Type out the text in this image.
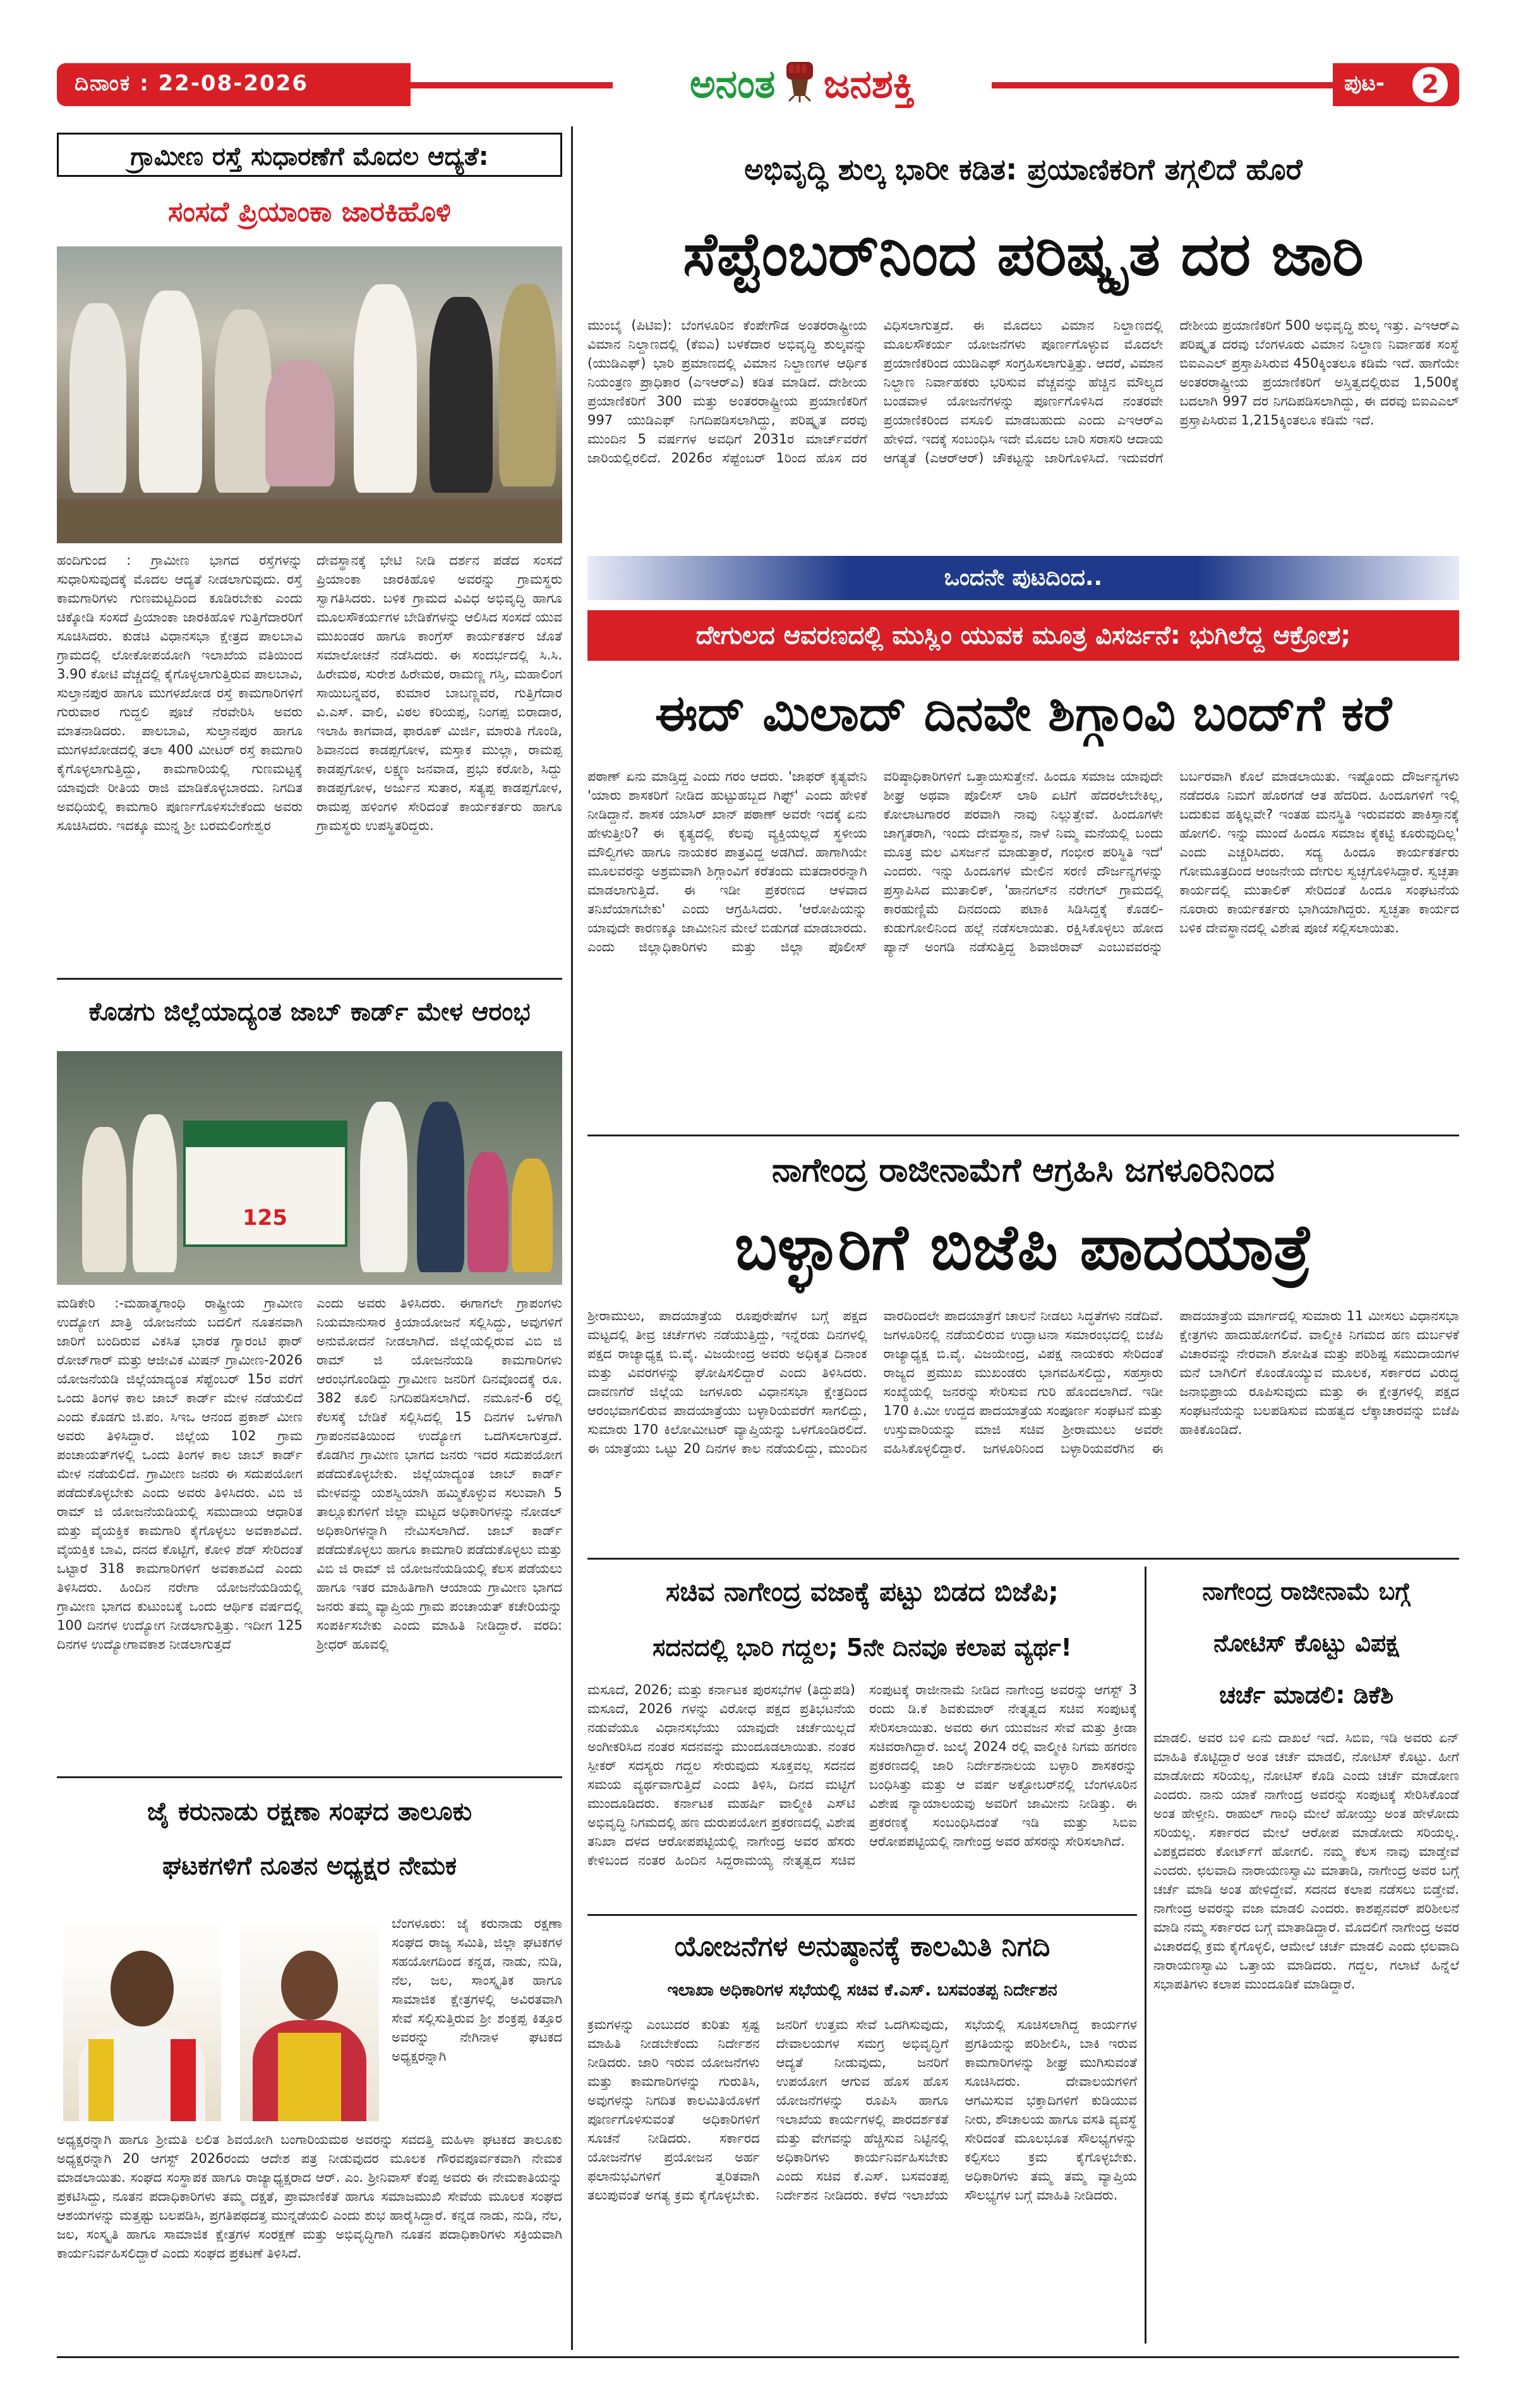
ದಿನಾಂಕ : 22-08-2026	ಅನಂತ ಜನಶಕ್ತಿ	ಪುಟ-	2
ಗ್ರಾಮೀಣ ರಸ್ತೆ ಸುಧಾರಣೆಗೆ ಮೊದಲ ಆದ್ಯತೆ:
ಸಂಸದೆ ಪ್ರಿಯಾಂಕಾ ಜಾರಕಿಹೊಳಿ

ಹಂದಿಗುಂದ : ಗ್ರಾಮೀಣ ಭಾಗದ ರಸ್ತೆಗಳನ್ನು ಸುಧಾರಿಸುವುದಕ್ಕೆ ಮೊದಲ ಆದ್ಯತೆ ನೀಡಲಾಗುವುದು. ರಸ್ತೆ ಕಾಮಗಾರಿಗಳು ಗುಣಮಟ್ಟದಿಂದ ಕೂಡಿರಬೇಕು ಎಂದು ಚಿಕ್ಕೋಡಿ ಸಂಸದೆ ಪ್ರಿಯಾಂಕಾ ಜಾರಕಿಹೊಳಿ ಗುತ್ತಿಗೆದಾರರಿಗೆ ಸೂಚಿಸಿದರು. ಕುಡಚಿ ವಿಧಾನಸಭಾ ಕ್ಷೇತ್ರದ ಪಾಲಬಾವಿ ಗ್ರಾಮದಲ್ಲಿ ಲೋಕೋಪಯೋಗಿ ಇಲಾಖೆಯ ವತಿಯಿಂದ 3.90 ಕೋಟಿ ವೆಚ್ಚದಲ್ಲಿ ಕೈಗೊಳ್ಳಲಾಗುತ್ತಿರುವ ಪಾಲಬಾವಿ, ಸುಲ್ತಾನಪುರ ಹಾಗೂ ಮುಗಳಖೋಡ ರಸ್ತೆ ಕಾಮಗಾರಿಗಳಿಗೆ ಗುರುವಾರ ಗುದ್ದಲಿ ಪೂಜೆ ನೆರವೇರಿಸಿ ಅವರು ಮಾತನಾಡಿದರು. ಪಾಲಬಾವಿ, ಸುಲ್ತಾನಪುರ ಹಾಗೂ ಮುಗಳಖೋಡದಲ್ಲಿ ತಲಾ 400 ಮೀಟರ್ ರಸ್ತೆ ಕಾಮಗಾರಿ ಕೈಗೊಳ್ಳಲಾಗುತ್ತಿದ್ದು, ಕಾಮಗಾರಿಯಲ್ಲಿ ಗುಣಮಟ್ಟಕ್ಕೆ ಯಾವುದೇ ರೀತಿಯ ರಾಜಿ ಮಾಡಿಕೊಳ್ಳಬಾರದು. ನಿಗದಿತ ಅವಧಿಯಲ್ಲಿ ಕಾಮಗಾರಿ ಪೂರ್ಣಗೊಳಿಸಬೇಕೆಂದು ಅವರು ಸೂಚಿಸಿದರು. ಇದಕ್ಕೂ ಮುನ್ನ ಶ್ರೀ ಬರಮಲಿಂಗೇಶ್ವರ

ದೇವಸ್ಥಾನಕ್ಕೆ ಭೇಟಿ ನೀಡಿ ದರ್ಶನ ಪಡೆದ ಸಂಸದೆ ಪ್ರಿಯಾಂಕಾ ಜಾರಕಿಹೊಳಿ ಅವರನ್ನು ಗ್ರಾಮಸ್ಥರು ಸ್ವಾಗತಿಸಿದರು. ಬಳಿಕ ಗ್ರಾಮದ ವಿವಿಧ ಅಭಿವೃದ್ಧಿ ಹಾಗೂ ಮೂಲಸೌಕರ್ಯಗಳ ಬೇಡಿಕೆಗಳನ್ನು ಆಲಿಸಿದ ಸಂಸದೆ ಯುವ ಮುಖಂಡರ ಹಾಗೂ ಕಾಂಗ್ರೆಸ್ ಕಾರ್ಯಕರ್ತರ ಜೊತೆ ಸಮಾಲೋಚನೆ ನಡೆಸಿದರು. ಈ ಸಂದರ್ಭದಲ್ಲಿ ಸಿ.ಸಿ. ಹಿರೇಮಠ, ಸುರೇಶ ಹಿರೇಮಠ, ರಾಮಣ್ಣ ಗಸ್ತಿ, ಮಹಾಲಿಂಗ ಸಾಯಿಬನ್ನವರ, ಕುಮಾರ ಬಾಬಣ್ಣವರ, ಗುತ್ತಿಗೆದಾರ ವಿ.ಎಸ್. ವಾಲಿ, ವಿಠಲ ಕರಿಯಪ್ಪ, ನಿಂಗಪ್ಪ ಬಿರಾದಾರ, ಇಲಾಹಿ ಕಾಗವಾಡ, ಫಾರೂಕ್ ಮಿರ್ಜಿ, ಮಾರುತಿ ಗೊಂಡಿ, ಶಿವಾನಂದ ಕಾಡಪ್ಪಗೋಳ, ಮಸ್ತಾಕ ಮುಲ್ಲಾ, ರಾಮಪ್ಪ ಕಾಡಪ್ಪಗೋಳ, ಲಕ್ಷ್ಮಣ ಜನವಾಡ, ಪ್ರಭು ಕರೋಶಿ, ಸಿದ್ದು ಕಾಡಪ್ಪಗೋಳ, ಅರ್ಜುನ ಸುತಾರ, ಸತ್ಯಪ್ಪ ಕಾಡಪ್ಪಗೋಳ, ರಾಮಪ್ಪ ಹಳಿಂಗಳಿ ಸೇರಿದಂತೆ ಕಾರ್ಯಕರ್ತರು ಹಾಗೂ ಗ್ರಾಮಸ್ಥರು ಉಪಸ್ಥಿತರಿದ್ದರು.

ಕೊಡಗು ಜಿಲ್ಲೆಯಾದ್ಯಂತ ಜಾಬ್ ಕಾರ್ಡ್ ಮೇಳ ಆರಂಭ
125

ಮಡಿಕೇರಿ :-ಮಹಾತ್ಮಗಾಂಧಿ ರಾಷ್ಟ್ರೀಯ ಗ್ರಾಮೀಣ ಉದ್ಯೋಗ ಖಾತ್ರಿ ಯೋಜನೆಯ ಬದಲಿಗೆ ನೂತನವಾಗಿ ಜಾರಿಗೆ ಬಂದಿರುವ ವಿಕಸಿತ ಭಾರತ ಗ್ಯಾರಂಟಿ ಫಾರ್ ರೋಜ್‌ಗಾರ್ ಮತ್ತು ಆಜೀವಿಕ ಮಿಷನ್ ಗ್ರಾಮೀಣ-2026 ಯೋಜನೆಯಡಿ ಜಿಲ್ಲೆಯಾದ್ಯಂತ ಸೆಪ್ಟೆಂಬರ್ 15ರ ವರೆಗೆ ಒಂದು ತಿಂಗಳ ಕಾಲ ಜಾಬ್ ಕಾರ್ಡ್ ಮೇಳ ನಡೆಯಲಿದೆ ಎಂದು ಕೊಡಗು ಜಿ.ಪಂ. ಸಿಇಒ ಆನಂದ ಪ್ರಕಾಶ್ ಮೀಣ ಅವರು ತಿಳಿಸಿದ್ದಾರೆ. ಜಿಲ್ಲೆಯ 102 ಗ್ರಾಮ ಪಂಚಾಯತ್‌ಗಳಲ್ಲಿ ಒಂದು ತಿಂಗಳ ಕಾಲ ಜಾಬ್ ಕಾರ್ಡ್ ಮೇಳ ನಡೆಯಲಿದೆ. ಗ್ರಾಮೀಣ ಜನರು ಈ ಸದುಪಯೋಗ ಪಡೆದುಕೊಳ್ಳಬೇಕು ಎಂದು ಅವರು ತಿಳಿಸಿದರು. ವಿಬಿ ಜಿ ರಾಮ್ ಜಿ ಯೋಜನೆಯಡಿಯಲ್ಲಿ ಸಮುದಾಯ ಆಧಾರಿತ ಮತ್ತು ವೈಯಕ್ತಿಕ ಕಾಮಗಾರಿ ಕೈಗೊಳ್ಳಲು ಅವಕಾಶವಿದೆ. ವೈಯಕ್ತಿಕ ಬಾವಿ, ದನದ ಕೊಟ್ಟಿಗೆ, ಕೋಳಿ ಶೆಡ್ ಸೇರಿದಂತೆ ಒಟ್ಟಾರೆ 318 ಕಾಮಗಾರಿಗಳಿಗೆ ಅವಕಾಶವಿದೆ ಎಂದು ತಿಳಿಸಿದರು. ಹಿಂದಿನ ನರೇಗಾ ಯೋಜನೆಯಡಿಯಲ್ಲಿ ಗ್ರಾಮೀಣ ಭಾಗದ ಕುಟುಂಬಕ್ಕೆ ಒಂದು ಆರ್ಥಿಕ ವರ್ಷದಲ್ಲಿ 100 ದಿನಗಳ ಉದ್ಯೋಗ ನೀಡಲಾಗುತ್ತಿತ್ತು. ಇದೀಗ 125 ದಿನಗಳ ಉದ್ಯೋಗಾವಕಾಶ ನೀಡಲಾಗುತ್ತದೆ

ಎಂದು ಅವರು ತಿಳಿಸಿದರು. ಈಗಾಗಲೇ ಗ್ರಾಪಂಗಳು ನಿಯಮಾನುಸಾರ ಕ್ರಿಯಾಯೋಜನೆ ಸಲ್ಲಿಸಿದ್ದು, ಅವುಗಳಿಗೆ ಅನುಮೋದನೆ ನೀಡಲಾಗಿದೆ. ಜಿಲ್ಲೆಯಲ್ಲಿರುವ ವಿಬಿ ಜಿ ರಾಮ್ ಜಿ ಯೋಜನೆಯಡಿ ಕಾಮಗಾರಿಗಳು ಆರಂಭಗೊಂಡಿದ್ದು ಗ್ರಾಮೀಣ ಜನರಿಗೆ ದಿನವೊಂದಕ್ಕೆ ರೂ. 382 ಕೂಲಿ ನಿಗದಿಪಡಿಸಲಾಗಿದೆ. ನಮೂನೆ-6 ರಲ್ಲಿ ಕೆಲಸಕ್ಕೆ ಬೇಡಿಕೆ ಸಲ್ಲಿಸಿದಲ್ಲಿ 15 ದಿನಗಳ ಒಳಗಾಗಿ ಗ್ರಾಪಂನವತಿಯಿಂದ ಉದ್ಯೋಗ ಒದಗಿಸಲಾಗುತ್ತದೆ. ಕೊಡಗಿನ ಗ್ರಾಮೀಣ ಭಾಗದ ಜನರು ಇದರ ಸದುಪಯೋಗ ಪಡೆದುಕೊಳ್ಳಬೇಕು. ಜಿಲ್ಲೆಯಾದ್ಯಂತ ಜಾಬ್ ಕಾರ್ಡ್ ಮೇಳವನ್ನು ಯಶಸ್ವಿಯಾಗಿ ಹಮ್ಮಿಕೊಳ್ಳುವ ಸಲುವಾಗಿ 5 ತಾಲ್ಲೂಕುಗಳಿಗೆ ಜಿಲ್ಲಾ ಮಟ್ಟದ ಅಧಿಕಾರಿಗಳನ್ನು ನೋಡಲ್ ಅಧಿಕಾರಿಗಳನ್ನಾಗಿ ನೇಮಿಸಲಾಗಿದೆ. ಜಾಬ್ ಕಾರ್ಡ್ ಪಡೆದುಕೊಳ್ಳಲು ಹಾಗೂ ಕಾಮಗಾರಿ ಪಡೆದುಕೊಳ್ಳಲು ಮತ್ತು ವಿಬಿ ಜಿ ರಾಮ್ ಜಿ ಯೋಜನೆಯಡಿಯಲ್ಲಿ ಕೆಲಸ ಪಡೆಯಲು ಹಾಗೂ ಇತರ ಮಾಹಿತಿಗಾಗಿ ಆಯಾಯ ಗ್ರಾಮೀಣ ಭಾಗದ ಜನರು ತಮ್ಮ ವ್ಯಾಪ್ತಿಯ ಗ್ರಾಮ ಪಂಚಾಯತ್ ಕಚೇರಿಯನ್ನು ಸಂಪರ್ಕಿಸಬೇಕು ಎಂದು ಮಾಹಿತಿ ನೀಡಿದ್ದಾರೆ. ವರದಿ: ಶ್ರೀಧರ್ ಹೂವಲ್ಲಿ

ಜೈ ಕರುನಾಡು ರಕ್ಷಣಾ ಸಂಘದ ತಾಲೂಕು
ಘಟಕಗಳಿಗೆ ನೂತನ ಅಧ್ಯಕ್ಷರ ನೇಮಕ
ಬೆಂಗಳೂರು: ಜೈ ಕರುನಾಡು ರಕ್ಷಣಾ ಸಂಘದ ರಾಜ್ಯ ಸಮಿತಿ, ಜಿಲ್ಲಾ ಘಟಕಗಳ ಸಹಯೋಗದಿಂದ ಕನ್ನಡ, ನಾಡು, ನುಡಿ, ನೆಲ, ಜಲ, ಸಾಂಸ್ಕೃತಿಕ ಹಾಗೂ ಸಾಮಾಜಿಕ ಕ್ಷೇತ್ರಗಳಲ್ಲಿ ಅವಿರತವಾಗಿ ಸೇವೆ ಸಲ್ಲಿಸುತ್ತಿರುವ ಶ್ರೀ ಶಂಕ್ರಪ್ಪ ಕಿತ್ತೂರ ಅವರನ್ನು ನೇಗಿನಾಳ ಘಟಕದ ಅಧ್ಯಕ್ಷರನ್ನಾಗಿ
ಅಧ್ಯಕ್ಷರನ್ನಾಗಿ ಹಾಗೂ ಶ್ರೀಮತಿ ಲಲಿತ ಶಿವಯೋಗಿ ಬಂಗಾರಿಯಮಠ ಅವರನ್ನು ಸವದತ್ತಿ ಮಹಿಳಾ ಘಟಕದ ತಾಲೂಕು ಅಧ್ಯಕ್ಷರನ್ನಾಗಿ 20 ಆಗಸ್ಟ್ 2026ರಂದು ಆದೇಶ ಪತ್ರ ನೀಡುವುದರ ಮೂಲಕ ಗೌರವಪೂರ್ವಕವಾಗಿ ನೇಮಕ ಮಾಡಲಾಯಿತು. ಸಂಘದ ಸಂಸ್ಥಾಪಕ ಹಾಗೂ ರಾಜ್ಯಾಧ್ಯಕ್ಷರಾದ ಆರ್. ಎಂ. ಶ್ರೀನಿವಾಸ್ ಕೆಂಪ್ಪ ಅವರು ಈ ನೇಮಕಾತಿಯನ್ನು ಪ್ರಕಟಿಸಿದ್ದು, ನೂತನ ಪದಾಧಿಕಾರಿಗಳು ತಮ್ಮ ದಕ್ಷತೆ, ಪ್ರಾಮಾಣಿಕತೆ ಹಾಗೂ ಸಮಾಜಮುಖಿ ಸೇವೆಯ ಮೂಲಕ ಸಂಘದ ಆಶಯಗಳನ್ನು ಮತ್ತಷ್ಟು ಬಲಪಡಿಸಿ, ಪ್ರಗತಿಪಥದತ್ತ ಮುನ್ನಡೆಯಲಿ ಎಂದು ಶುಭ ಹಾರೈಸಿದ್ದಾರೆ. ಕನ್ನಡ ನಾಡು, ನುಡಿ, ನೆಲ, ಜಲ, ಸಂಸ್ಕೃತಿ ಹಾಗೂ ಸಾಮಾಜಿಕ ಕ್ಷೇತ್ರಗಳ ಸಂರಕ್ಷಣೆ ಮತ್ತು ಅಭಿವೃದ್ಧಿಗಾಗಿ ನೂತನ ಪದಾಧಿಕಾರಿಗಳು ಸಕ್ರಿಯವಾಗಿ ಕಾರ್ಯನಿರ್ವಹಿಸಲಿದ್ದಾರೆ ಎಂದು ಸಂಘದ ಪ್ರಕಟಣೆ ತಿಳಿಸಿದೆ.
ಅಭಿವೃದ್ಧಿ ಶುಲ್ಕ ಭಾರೀ ಕಡಿತ: ಪ್ರಯಾಣಿಕರಿಗೆ ತಗ್ಗಲಿದೆ ಹೊರೆ
ಸೆಪ್ಟೆಂಬರ್‌ನಿಂದ ಪರಿಷ್ಕೃತ ದರ ಜಾರಿ

ಮುಂಬೈ (ಪಿಟಿಐ): ಬೆಂಗಳೂರಿನ ಕೆಂಪೇಗೌಡ ಅಂತರರಾಷ್ಟ್ರೀಯ ವಿಮಾನ ನಿಲ್ದಾಣದಲ್ಲಿ (ಕೆಐಎ) ಬಳಕೆದಾರ ಅಭಿವೃದ್ಧಿ ಶುಲ್ಕವನ್ನು (ಯುಡಿಎಫ್) ಭಾರಿ ಪ್ರಮಾಣದಲ್ಲಿ ವಿಮಾನ ನಿಲ್ದಾಣಗಳ ಆರ್ಥಿಕ ನಿಯಂತ್ರಣ ಪ್ರಾಧಿಕಾರ (ಎಇಆರ್‌ಎ) ಕಡಿತ ಮಾಡಿದೆ. ದೇಶೀಯ ಪ್ರಯಾಣಿಕರಿಗೆ 300 ಮತ್ತು ಅಂತರರಾಷ್ಟ್ರೀಯ ಪ್ರಯಾಣಿಕರಿಗೆ 997 ಯುಡಿಎಫ್ ನಿಗದಿಪಡಿಸಲಾಗಿದ್ದು, ಪರಿಷ್ಕೃತ ದರವು ಮುಂದಿನ 5 ವರ್ಷಗಳ ಅವಧಿಗೆ 2031ರ ಮಾರ್ಚ್‌ವರೆಗೆ ಜಾರಿಯಲ್ಲಿರಲಿದೆ. 2026ರ ಸೆಪ್ಟೆಂಬರ್ 1ರಿಂದ ಹೊಸ ದರ ವಿಧಿಸಲಾಗುತ್ತದೆ. ಈ ಮೊದಲು ವಿಮಾನ ನಿಲ್ದಾಣದಲ್ಲಿ ಮೂಲಸೌಕರ್ಯ ಯೋಜನೆಗಳು ಪೂರ್ಣಗೊಳ್ಳುವ ಮೊದಲೇ ಪ್ರಯಾಣಿಕರಿಂದ ಯುಡಿಎಫ್ ಸಂಗ್ರಹಿಸಲಾಗುತ್ತಿತ್ತು. ಆದರೆ, ವಿಮಾನ ನಿಲ್ದಾಣ ನಿರ್ವಾಹಕರು ಭರಿಸುವ ವೆಚ್ಚವನ್ನು ಹೆಚ್ಚಿನ ಮೌಲ್ಯದ ಬಂಡವಾಳ ಯೋಜನೆಗಳನ್ನು ಪೂರ್ಣಗೊಳಿಸಿದ ನಂತರವೇ ಪ್ರಯಾಣಿಕರಿಂದ ವಸೂಲಿ ಮಾಡಬಹುದು ಎಂದು ಎಇಆರ್‌ಎ ಹೇಳಿದೆ. ಇದಕ್ಕೆ ಸಂಬಂಧಿಸಿ ಇದೇ ಮೊದಲ ಬಾರಿ ಸರಾಸರಿ ಆದಾಯ ಆಗತ್ಯತೆ (ಎಆರ್‌ಆರ್) ಚೌಕಟ್ಟನ್ನು ಜಾರಿಗೊಳಿಸಿದೆ. ಇದುವರೆಗೆ ದೇಶೀಯ ಪ್ರಯಾಣಿಕರಿಗೆ 500 ಅಭಿವೃದ್ಧಿ ಶುಲ್ಕ ಇತ್ತು. ಎಇಆರ್‌ಎ ಪರಿಷ್ಕೃತ ದರವು ಬೆಂಗಳೂರು ವಿಮಾನ ನಿಲ್ದಾಣ ನಿರ್ವಾಹಕ ಸಂಸ್ಥೆ ಬಿಐಎಎಲ್ ಪ್ರಸ್ತಾಪಿಸಿರುವ 450ಕ್ಕಿಂತಲೂ ಕಡಿಮೆ ಇದೆ. ಹಾಗೆಯೇ ಅಂತರರಾಷ್ಟ್ರೀಯ ಪ್ರಯಾಣಿಕರಿಗೆ ಅಸ್ತಿತ್ವದಲ್ಲಿರುವ 1,500ಕ್ಕೆ ಬದಲಾಗಿ 997 ದರ ನಿಗದಿಪಡಿಸಲಾಗಿದ್ದು, ಈ ದರವು ಬಿಐಎಎಲ್ ಪ್ರಸ್ತಾಪಿಸಿರುವ 1,215ಕ್ಕಿಂತಲೂ ಕಡಿಮೆ ಇದೆ.

ಒಂದನೇ ಪುಟದಿಂದ..
ದೇಗುಲದ ಆವರಣದಲ್ಲಿ ಮುಸ್ಲಿಂ ಯುವಕ ಮೂತ್ರ ವಿಸರ್ಜನೆ: ಭುಗಿಲೆದ್ದ ಆಕ್ರೋಶ;
ಈದ್ ಮಿಲಾದ್ ದಿನವೇ ಶಿಗ್ಗಾಂವಿ ಬಂದ್‌ಗೆ ಕರೆ

ಪಠಾಣ್ ಏನು ಮಾಡ್ತಿದ್ದ ಎಂದು ಗರಂ ಆದರು. 'ಜಾಫರ್ ಕೃತ್ಯವೇನಿ 'ಯಾರು ಶಾಸಕರಿಗೆ ನೀಡಿದ ಹುಟ್ಟುಹಬ್ಬದ ಗಿಫ್ಟ್' ಎಂದು ಹೇಳಿಕೆ ನೀಡಿದ್ದಾನೆ. ಶಾಸಕ ಯಾಸಿರ್ ಖಾನ್ ಪಠಾಣ್ ಅವರೇ ಇದಕ್ಕೆ ಏನು ಹೇಳುತ್ತೀರಿ? ಈ ಕೃತ್ಯದಲ್ಲಿ ಕೆಲವು ವ್ಯಕ್ತಿಯಲ್ಲದೆ ಸ್ಥಳೀಯ ಮೌಲ್ವಿಗಳು ಹಾಗೂ ನಾಯಕರ ಪಾತ್ರವಿದ್ದ ಅಡಗಿದೆ. ಹಾಗಾಗಿಯೇ ಮೂಲವರನ್ನು ಅಶ್ರಮವಾಗಿ ಶಿಗ್ಗಾಂವಿಗೆ ಕರೆತಂದು ಮತದಾರರನ್ನಾಗಿ ಮಾಡಲಾಗುತ್ತಿದೆ. ಈ ಇಡೀ ಪ್ರಕರಣದ ಆಳವಾದ ತನಿಖೆಯಾಗಬೇಕು' ಎಂದು ಆಗ್ರಹಿಸಿದರು. 'ಆರೋಪಿಯನ್ನು ಯಾವುದೇ ಕಾರಣಕ್ಕೂ ಜಾಮೀನಿನ ಮೇಲೆ ಬಿಡುಗಡೆ ಮಾಡಬಾರದು. ಎಂದು ಜಿಲ್ಲಾಧಿಕಾರಿಗಳು ಮತ್ತು ಜಿಲ್ಲಾ ಪೊಲೀಸ್ ವರಿಷ್ಠಾಧಿಕಾರಿಗಳಿಗೆ ಒತ್ತಾಯಿಸುತ್ತೇನೆ. ಹಿಂದೂ ಸಮಾಜ ಯಾವುದೇ ಶೀಘ್ರ ಅಥವಾ ಪೊಲೀಸ್ ಲಾಠಿ ಏಟಿಗೆ ಹೆದರಲೇಬೇಕಿಲ್ಲ, ಕೋಲಾಟಗಾರರ ಪರವಾಗಿ ನಾವು ನಿಲ್ಲುತ್ತೇವೆ. ಹಿಂದೂಗಳೇ ಜಾಗೃತರಾಗಿ, ಇಂದು ದೇವಸ್ಥಾನ, ನಾಳೆ ನಿಮ್ಮ ಮನೆಯಲ್ಲಿ ಬಂದು ಮೂತ್ರ ಮಲ ವಿಸರ್ಜನೆ ಮಾಡುತ್ತಾರೆ, ಗಂಭೀರ ಪರಿಸ್ಥಿತಿ ಇದೆ' ಎಂದರು. ಇನ್ನು ಹಿಂದೂಗಳ ಮೇಲಿನ ಸರಣಿ ದೌರ್ಜನ್ಯಗಳನ್ನು ಪ್ರಸ್ತಾಪಿಸಿದ ಮುತಾಲಿಕ್, 'ಹಾನಗಲ್‌ನ ನರೇಗಲ್ ಗ್ರಾಮದಲ್ಲಿ ಕಾರಹುಣ್ಣಿಮೆ ದಿನದಂದು ಪಟಾಕಿ ಸಿಡಿಸಿದ್ದಕ್ಕೆ ಕೊಡಲಿ-ಕುಡುಗೋಲಿನಿಂದ ಹಲ್ಲೆ ನಡೆಸಲಾಯಿತು. ರಕ್ಷಿಸಿಕೊಳ್ಳಲು ಹೋದ ಪ್ಯಾನ್ ಅಂಗಡಿ ನಡೆಸುತ್ತಿದ್ದ ಶಿವಾಜಿರಾವ್ ಎಂಬುವವರನ್ನು ಬರ್ಬರವಾಗಿ ಕೊಲೆ ಮಾಡಲಾಯಿತು. ಇಷ್ಟೊಂದು ದೌರ್ಜನ್ಯಗಳು ನಡೆದರೂ ನಿಮಗೆ ಹೊರಗಡೆ ಆತ ಹೆದರಿದ. ಹಿಂದೂಗಳಿಗೆ ಇಲ್ಲಿ ಬದುಕುವ ಹಕ್ಕಿಲ್ಲವೇ? ಇಂತಹ ಮನಸ್ಥಿತಿ ಇರುವವರು ಪಾಕಿಸ್ತಾನಕ್ಕೆ ಹೋಗಲಿ. ಇನ್ನು ಮುಂದೆ ಹಿಂದೂ ಸಮಾಜ ಕೈಕಟ್ಟಿ ಕೂರುವುದಿಲ್ಲ' ಎಂದು ಎಚ್ಚರಿಸಿದರು. ಸದ್ಯ ಹಿಂದೂ ಕಾರ್ಯಕರ್ತರು ಗೋಮೂತ್ರದಿಂದ ಆಂಜನೇಯ ದೇಗುಲ ಸ್ವಚ್ಛಗೊಳಿಸಿದ್ದಾರೆ. ಸ್ವಚ್ಛತಾ ಕಾರ್ಯದಲ್ಲಿ ಮುತಾಲಿಕ್ ಸೇರಿದಂತೆ ಹಿಂದೂ ಸಂಘಟನೆಯ ನೂರಾರು ಕಾರ್ಯಕರ್ತರು ಭಾಗಿಯಾಗಿದ್ದರು. ಸ್ವಚ್ಛತಾ ಕಾರ್ಯದ ಬಳಿಕ ದೇವಸ್ಥಾನದಲ್ಲಿ ವಿಶೇಷ ಪೂಜೆ ಸಲ್ಲಿಸಲಾಯಿತು.

ನಾಗೇಂದ್ರ ರಾಜೀನಾಮೆಗೆ ಆಗ್ರಹಿಸಿ ಜಗಳೂರಿನಿಂದ
ಬಳ್ಳಾರಿಗೆ ಬಿಜೆಪಿ ಪಾದಯಾತ್ರೆ

ಶ್ರೀರಾಮುಲು, ಪಾದಯಾತ್ರೆಯ ರೂಪುರೇಷೆಗಳ ಬಗ್ಗೆ ಪಕ್ಷದ ಮಟ್ಟದಲ್ಲಿ ತೀವ್ರ ಚರ್ಚೆಗಳು ನಡೆಯುತ್ತಿದ್ದು, ಇನ್ನೆರಡು ದಿನಗಳಲ್ಲಿ ಪಕ್ಷದ ರಾಜ್ಯಾಧ್ಯಕ್ಷ ಬಿ.ವೈ. ವಿಜಯೇಂದ್ರ ಅವರು ಅಧಿಕೃತ ದಿನಾಂಕ ಮತ್ತು ವಿವರಗಳನ್ನು ಘೋಷಿಸಲಿದ್ದಾರೆ ಎಂದು ತಿಳಿಸಿದರು. ದಾವಣಗೆರೆ ಜಿಲ್ಲೆಯ ಜಗಳೂರು ವಿಧಾನಸಭಾ ಕ್ಷೇತ್ರದಿಂದ ಆರಂಭವಾಗಲಿರುವ ಪಾದಯಾತ್ರೆಯು ಬಳ್ಳಾರಿಯವರೆಗೆ ಸಾಗಲಿದ್ದು, ಸುಮಾರು 170 ಕಿಲೋಮೀಟರ್ ವ್ಯಾಪ್ತಿಯನ್ನು ಒಳಗೊಂಡಿರಲಿದೆ. ಈ ಯಾತ್ರೆಯು ಒಟ್ಟು 20 ದಿನಗಳ ಕಾಲ ನಡೆಯಲಿದ್ದು, ಮುಂದಿನ ವಾರದಿಂದಲೇ ಪಾದಯಾತ್ರೆಗೆ ಚಾಲನೆ ನೀಡಲು ಸಿದ್ಧತೆಗಳು ನಡೆದಿವೆ. ಜಗಳೂರಿನಲ್ಲಿ ನಡೆಯಲಿರುವ ಉದ್ಘಾಟನಾ ಸಮಾರಂಭದಲ್ಲಿ ಬಿಜೆಪಿ ರಾಜ್ಯಾಧ್ಯಕ್ಷ ಬಿ.ವೈ. ವಿಜಯೇಂದ್ರ, ವಿಪಕ್ಷ ನಾಯಕರು ಸೇರಿದಂತೆ ರಾಜ್ಯದ ಪ್ರಮುಖ ಮುಖಂಡರು ಭಾಗವಹಿಸಲಿದ್ದು, ಸಹಸ್ರಾರು ಸಂಖ್ಯೆಯಲ್ಲಿ ಜನರನ್ನು ಸೇರಿಸುವ ಗುರಿ ಹೊಂದಲಾಗಿದೆ. ಇಡೀ 170 ಕಿ.ಮೀ ಉದ್ದದ ಪಾದಯಾತ್ರೆಯ ಸಂಪೂರ್ಣ ಸಂಘಟನೆ ಮತ್ತು ಉಸ್ತುವಾರಿಯನ್ನು ಮಾಜಿ ಸಚಿವ ಶ್ರೀರಾಮುಲು ಅವರೇ ವಹಿಸಿಕೊಳ್ಳಲಿದ್ದಾರೆ. ಜಗಳೂರಿನಿಂದ ಬಳ್ಳಾರಿಯವರೆಗಿನ ಈ ಪಾದಯಾತ್ರೆಯ ಮಾರ್ಗದಲ್ಲಿ ಸುಮಾರು 11 ಮೀಸಲು ವಿಧಾನಸಭಾ ಕ್ಷೇತ್ರಗಳು ಹಾದುಹೋಗಲಿವೆ. ವಾಲ್ಮೀಕಿ ನಿಗಮದ ಹಣ ದುರ್ಬಳಕೆ ವಿಚಾರವನ್ನು ನೇರವಾಗಿ ಶೋಷಿತ ಮತ್ತು ಪರಿಶಿಷ್ಟ ಸಮುದಾಯಗಳ ಮನೆ ಬಾಗಿಲಿಗೆ ಕೊಂಡೊಯ್ಯುವ ಮೂಲಕ, ಸರ್ಕಾರದ ವಿರುದ್ಧ ಜನಾಭಿಪ್ರಾಯ ರೂಪಿಸುವುದು ಮತ್ತು ಈ ಕ್ಷೇತ್ರಗಳಲ್ಲಿ ಪಕ್ಷದ ಸಂಘಟನೆಯನ್ನು ಬಲಪಡಿಸುವ ಮಹತ್ವದ ಲೆಕ್ಕಾಚಾರವನ್ನು ಬಿಜೆಪಿ ಹಾಕಿಕೊಂಡಿದೆ.

ಸಚಿವ ನಾಗೇಂದ್ರ ವಜಾಕ್ಕೆ ಪಟ್ಟು ಬಿಡದ ಬಿಜೆಪಿ;
ಸದನದಲ್ಲಿ ಭಾರಿ ಗದ್ದಲ; 5ನೇ ದಿನವೂ ಕಲಾಪ ವ್ಯರ್ಥ!

ಮಸೂದೆ, 2026; ಮತ್ತು ಕರ್ನಾಟಕ ಪುರಸಭೆಗಳ (ತಿದ್ದುಪಡಿ) ಮಸೂದೆ, 2026 ಗಳನ್ನು ವಿರೋಧ ಪಕ್ಷದ ಪ್ರತಿಭಟನೆಯ ನಡುವೆಯೂ ವಿಧಾನಸಭೆಯು ಯಾವುದೇ ಚರ್ಚೆಯಿಲ್ಲದೆ ಅಂಗೀಕರಿಸಿದ ನಂತರ ಸದನವನ್ನು ಮುಂದೂಡಲಾಯಿತು. ನಂತರ ಸ್ಪೀಕರ್ ಸದಸ್ಯರು ಗದ್ದಲ ಸೇರುವುದು ಸೂಕ್ತವಲ್ಲ ಸದನದ ಸಮಯ ವ್ಯರ್ಥವಾಗುತ್ತಿದೆ ಎಂದು ತಿಳಿಸಿ, ದಿನದ ಮಟ್ಟಿಗೆ ಮುಂದೂಡಿದರು. ಕರ್ನಾಟಕ ಮಹರ್ಷಿ ವಾಲ್ಮೀಕಿ ಎಸ್‌ಟಿ ಅಭಿವೃದ್ಧಿ ನಿಗಮದಲ್ಲಿ ಹಣ ದುರುಪಯೋಗ ಪ್ರಕರಣದಲ್ಲಿ ವಿಶೇಷ ತನಿಖಾ ದಳದ ಆರೋಪಪಟ್ಟಿಯಲ್ಲಿ ನಾಗೇಂದ್ರ ಅವರ ಹೆಸರು ಕೇಳಿಬಂದ ನಂತರ ಹಿಂದಿನ ಸಿದ್ದರಾಮಯ್ಯ ನೇತೃತ್ವದ ಸಚಿವ ಸಂಪುಟಕ್ಕೆ ರಾಜೀನಾಮೆ ನೀಡಿದ ನಾಗೇಂದ್ರ ಅವರನ್ನು ಆಗಸ್ಟ್ 3 ರಂದು ಡಿ.ಕೆ ಶಿವಕುಮಾರ್ ನೇತೃತ್ವದ ಸಚಿವ ಸಂಪುಟಕ್ಕೆ ಸೇರಿಸಲಾಯಿತು. ಅವರು ಈಗ ಯುವಜನ ಸೇವೆ ಮತ್ತು ಕ್ರೀಡಾ ಸಚಿವರಾಗಿದ್ದಾರೆ. ಜುಲೈ 2024 ರಲ್ಲಿ ವಾಲ್ಮೀಕಿ ನಿಗಮ ಹಗರಣ ಪ್ರಕರಣದಲ್ಲಿ ಜಾರಿ ನಿರ್ದೇಶನಾಲಯ ಬಳ್ಳಾರಿ ಶಾಸಕರನ್ನು ಬಂಧಿಸಿತ್ತು ಮತ್ತು ಆ ವರ್ಷ ಅಕ್ಟೋಬರ್‌ನಲ್ಲಿ ಬೆಂಗಳೂರಿನ ವಿಶೇಷ ನ್ಯಾಯಾಲಯವು ಅವರಿಗೆ ಜಾಮೀನು ನೀಡಿತ್ತು. ಈ ಪ್ರಕರಣಕ್ಕೆ ಸಂಬಂಧಿಸಿದಂತೆ ಇಡಿ ಮತ್ತು ಸಿಬಿಐ ಆರೋಪಪಟ್ಟಿಯಲ್ಲಿ ನಾಗೇಂದ್ರ ಅವರ ಹೆಸರನ್ನು ಸೇರಿಸಲಾಗಿದೆ.

ನಾಗೇಂದ್ರ ರಾಜೀನಾಮೆ ಬಗ್ಗೆ
ನೋಟಿಸ್ ಕೊಟ್ಟು ವಿಪಕ್ಷ
ಚರ್ಚೆ ಮಾಡಲಿ: ಡಿಕೆಶಿ
ಮಾಡಲಿ. ಅವರ ಬಳಿ ಏನು ದಾಖಲೆ ಇದೆ. ಸಿಬಿಐ, ಇಡಿ ಅವರು ಏನ್ ಮಾಹಿತಿ ಕೊಟ್ಟಿದ್ದಾರೆ ಅಂತ ಚರ್ಚೆ ಮಾಡಲಿ, ನೋಟಿಸ್ ಕೊಟ್ಟು. ಹೀಗೆ ಮಾಡೋದು ಸರಿಯಲ್ಲ, ನೋಟಿಸ್ ಕೊಡಿ ಎಂದು ಚರ್ಚೆ ಮಾಡೋಣ ಎಂದರು. ನಾನು ಯಾಕೆ ನಾಗೇಂದ್ರ ಅವರನ್ನು ಸಂಪುಟಕ್ಕೆ ಸೇರಿಸಿಕೊಂಡೆ ಅಂತ ಹೇಳ್ತೀನಿ. ರಾಹುಲ್ ಗಾಂಧಿ ಮೇಲೆ ಹೋಯ್ತು ಅಂತ ಹೇಳೋದು ಸರಿಯಲ್ಲ. ಸರ್ಕಾರದ ಮೇಲೆ ಆರೋಪ ಮಾಡೋದು ಸರಿಯಲ್ಲ. ವಿಪಕ್ಷದವರು ಕೋರ್ಟ್‌ಗೆ ಹೋಗಲಿ. ನಮ್ಮ ಕೆಲಸ ನಾವು ಮಾಡ್ತೇವೆ ಎಂದರು. ಛಲವಾದಿ ನಾರಾಯಣಸ್ವಾಮಿ ಮಾತಾಡಿ, ನಾಗೇಂದ್ರ ಅವರ ಬಗ್ಗೆ ಚರ್ಚೆ ಮಾಡಿ ಅಂತ ಹೇಳಿದ್ದೇವೆ. ಸದನದ ಕಲಾಪ ನಡೆಸಲು ಬಿಡ್ತೇವೆ. ನಾಗೇಂದ್ರ ಅವರನ್ನು ವಜಾ ಮಾಡಲಿ ಎಂದರು. ಕಾಶಪ್ಪನವರ್ ಪರಿಶೀಲನೆ ಮಾಡಿ ನಮ್ಮ ಸರ್ಕಾರದ ಬಗ್ಗೆ ಮಾತಾಡಿದ್ದಾರೆ. ಮೊದಲಿಗೆ ನಾಗೇಂದ್ರ ಅವರ ವಿಚಾರದಲ್ಲಿ ಕ್ರಮ ಕೈಗೊಳ್ಳಲಿ, ಆಮೇಲೆ ಚರ್ಚೆ ಮಾಡಲಿ ಎಂದು ಛಲವಾದಿ ನಾರಾಯಣಸ್ವಾಮಿ ಒತ್ತಾಯ ಮಾಡಿದರು. ಗದ್ದಲ, ಗಲಾಟೆ ಹಿನ್ನೆಲೆ ಸಭಾಪತಿಗಳು ಕಲಾಪ ಮುಂದೂಡಿಕೆ ಮಾಡಿದ್ದಾರೆ.
ಯೋಜನೆಗಳ ಅನುಷ್ಠಾನಕ್ಕೆ ಕಾಲಮಿತಿ ನಿಗದಿ
ಇಲಾಖಾ ಅಧಿಕಾರಿಗಳ ಸಭೆಯಲ್ಲಿ ಸಚಿವ ಕೆ.ಎಸ್. ಬಸವಂತಪ್ಪ ನಿರ್ದೇಶನ

ಕ್ರಮಗಳನ್ನು ಎಂಬುದರ ಕುರಿತು ಸ್ಪಷ್ಟ ಮಾಹಿತಿ ನೀಡಬೇಕೆಂದು ನಿರ್ದೇಶನ ನೀಡಿದರು. ಜಾರಿ ಇರುವ ಯೋಜನೆಗಳು ಮತ್ತು ಕಾಮಗಾರಿಗಳನ್ನು ಗುರುತಿಸಿ, ಅವುಗಳನ್ನು ನಿಗದಿತ ಕಾಲಮಿತಿಯೊಳಗೆ ಪೂರ್ಣಗೊಳಿಸುವಂತೆ ಅಧಿಕಾರಿಗಳಿಗೆ ಸೂಚನೆ ನೀಡಿದರು. ಸರ್ಕಾರದ ಯೋಜನೆಗಳ ಪ್ರಯೋಜನ ಅರ್ಹ ಫಲಾನುಭವಿಗಳಿಗೆ ತ್ವರಿತವಾಗಿ ತಲುಪುವಂತೆ ಅಗತ್ಯ ಕ್ರಮ ಕೈಗೊಳ್ಳಬೇಕು. ಜನರಿಗೆ ಉತ್ತಮ ಸೇವೆ ಒದಗಿಸುವುದು, ದೇವಾಲಯಗಳ ಸಮಗ್ರ ಅಭಿವೃದ್ಧಿಗೆ ಆದ್ಯತೆ ನೀಡುವುದು, ಜನರಿಗೆ ಉಪಯೋಗ ಆಗುವ ಹೊಸ ಹೊಸ ಯೋಜನೆಗಳನ್ನು ರೂಪಿಸಿ ಹಾಗೂ ಇಲಾಖೆಯ ಕಾರ್ಯಗಳಲ್ಲಿ ಪಾರದರ್ಶಕತೆ ಮತ್ತು ವೇಗವನ್ನು ಹೆಚ್ಚಿಸುವ ನಿಟ್ಟಿನಲ್ಲಿ ಅಧಿಕಾರಿಗಳು ಕಾರ್ಯನಿರ್ವಹಿಸಬೇಕು ಎಂದು ಸಚಿವ ಕೆ.ಎಸ್. ಬಸವಂತಪ್ಪ ನಿರ್ದೇಶನ ನೀಡಿದರು. ಕಳೆದ ಇಲಾಖೆಯ ಸಭೆಯಲ್ಲಿ ಸೂಚಿಸಲಾಗಿದ್ದ ಕಾರ್ಯಗಳ ಪ್ರಗತಿಯನ್ನು ಪರಿಶೀಲಿಸಿ, ಬಾಕಿ ಇರುವ ಕಾಮಗಾರಿಗಳನ್ನು ಶೀಘ್ರ ಮುಗಿಸುವಂತೆ ಸೂಚಿಸಿದರು. ದೇವಾಲಯಗಳಿಗೆ ಆಗಮಿಸುವ ಭಕ್ತಾದಿಗಳಿಗೆ ಕುಡಿಯುವ ನೀರು, ಶೌಚಾಲಯ ಹಾಗೂ ವಸತಿ ವ್ಯವಸ್ಥೆ ಸೇರಿದಂತೆ ಮೂಲಭೂತ ಸೌಲಭ್ಯಗಳನ್ನು ಕಲ್ಪಿಸಲು ಕ್ರಮ ಕೈಗೊಳ್ಳಬೇಕು. ಅಧಿಕಾರಿಗಳು ತಮ್ಮ ತಮ್ಮ ವ್ಯಾಪ್ತಿಯ ಸೌಲಭ್ಯಗಳ ಬಗ್ಗೆ ಮಾಹಿತಿ ನೀಡಿದರು.
